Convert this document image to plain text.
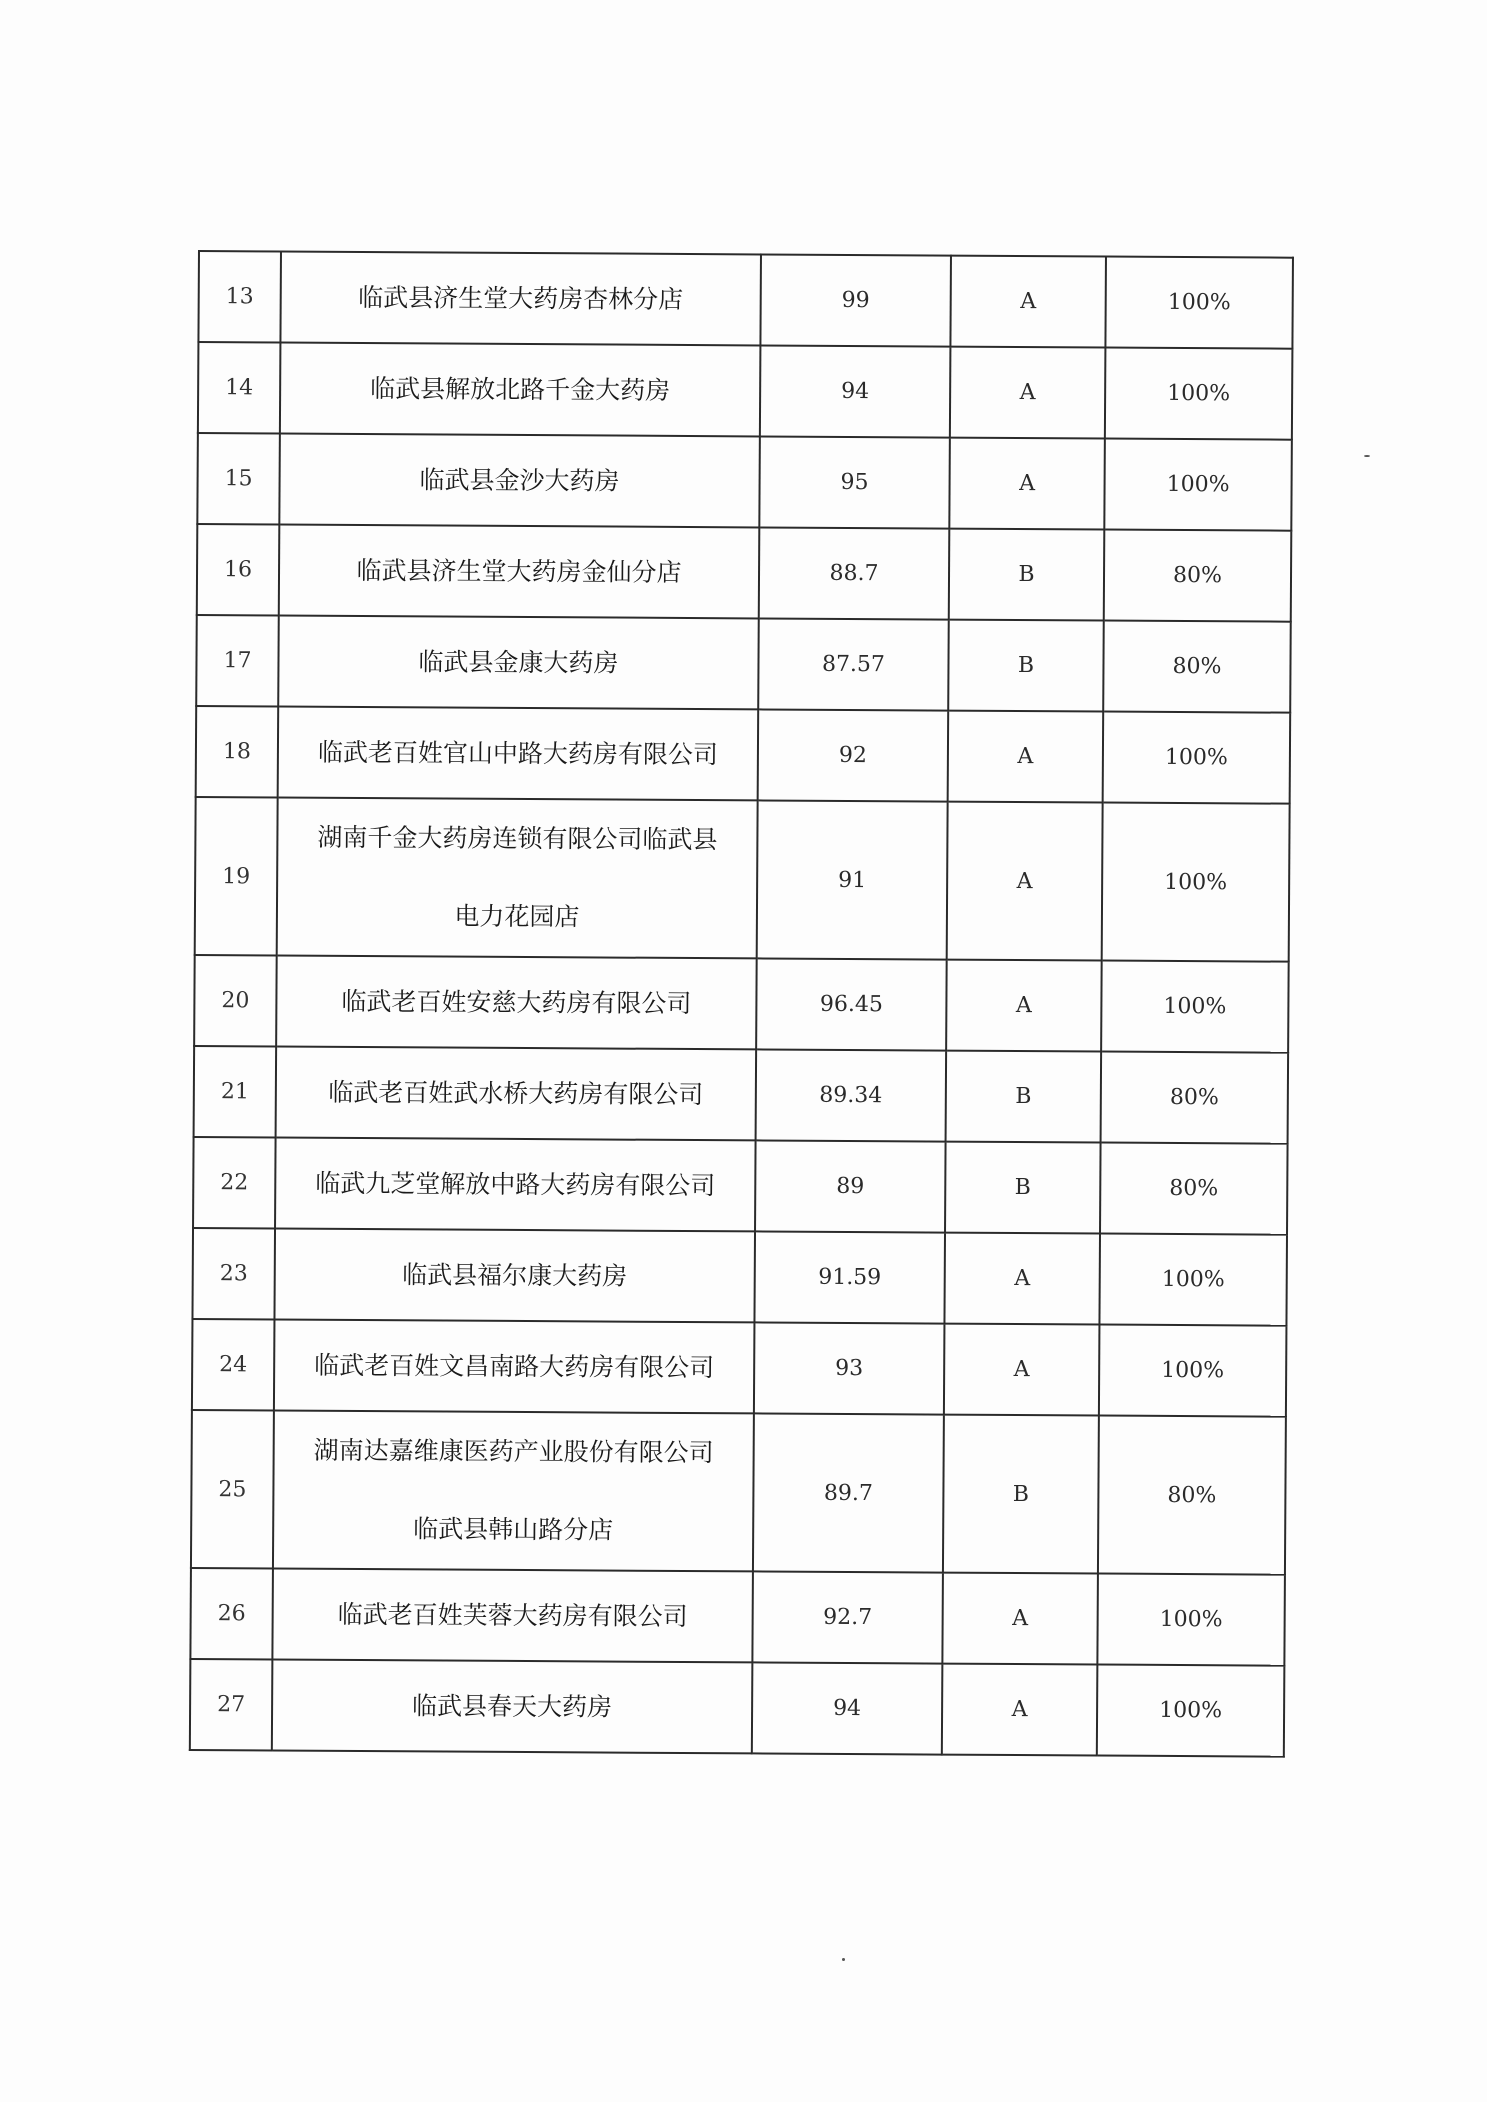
13	临武县济生堂大药房杏林分店	99	A	100%
14	临武县解放北路千金大药房	94	A	100%
15	临武县金沙大药房	95	A	100%
16	临武县济生堂大药房金仙分店	88.7	B	80%
17	临武县金康大药房	87.57	B	80%
18	临武老百姓官山中路大药房有限公司	92	A	100%
19	湖南千金大药房连锁有限公司临武县
电力花园店	91	A	100%
20	临武老百姓安慈大药房有限公司	96.45	A	100%
21	临武老百姓武水桥大药房有限公司	89.34	B	80%
22	临武九芝堂解放中路大药房有限公司	89	B	80%
23	临武县福尔康大药房	91.59	A	100%
24	临武老百姓文昌南路大药房有限公司	93	A	100%
25	湖南达嘉维康医药产业股份有限公司
临武县韩山路分店	89.7	B	80%
26	临武老百姓芙蓉大药房有限公司	92.7	A	100%
27	临武县春天大药房	94	A	100%
